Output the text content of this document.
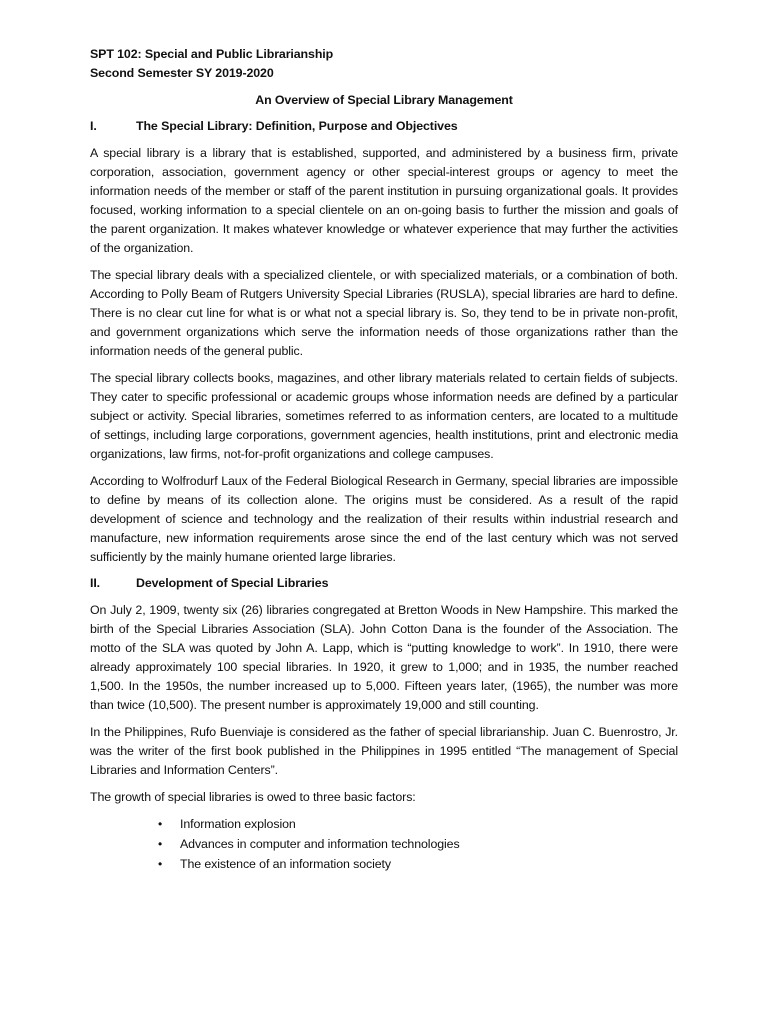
SPT 102: Special and Public Librarianship
Second Semester SY 2019-2020
An Overview of Special Library Management
I.	The Special Library: Definition, Purpose and Objectives

A special library is a library that is established, supported, and administered by a business firm, private corporation, association, government agency or other special-interest groups or agency to meet the information needs of the member or staff of the parent institution in pursuing organizational goals. It provides focused, working information to a special clientele on an on-going basis to further the mission and goals of the parent organization. It makes whatever knowledge or whatever experience that may further the activities of the organization.

The special library deals with a specialized clientele, or with specialized materials, or a combination of both. According to Polly Beam of Rutgers University Special Libraries (RUSLA), special libraries are hard to define. There is no clear cut line for what is or what not a special library is. So, they tend to be in private non-profit, and government organizations which serve the information needs of those organizations rather than the information needs of the general public.

The special library collects books, magazines, and other library materials related to certain fields of subjects. They cater to specific professional or academic groups whose information needs are defined by a particular subject or activity. Special libraries, sometimes referred to as information centers, are located to a multitude of settings, including large corporations, government agencies, health institutions, print and electronic media organizations, law firms, not-for-profit organizations and college campuses.

According to Wolfrodurf Laux of the Federal Biological Research in Germany, special libraries are impossible to define by means of its collection alone. The origins must be considered. As a result of the rapid development of science and technology and the realization of their results within industrial research and manufacture, new information requirements arose since the end of the last century which was not served sufficiently by the mainly humane oriented large libraries.

II.	Development of Special Libraries

On July 2, 1909, twenty six (26) libraries congregated at Bretton Woods in New Hampshire. This marked the birth of the Special Libraries Association (SLA). John Cotton Dana is the founder of the Association. The motto of the SLA was quoted by John A. Lapp, which is “putting knowledge to work”. In 1910, there were already approximately 100 special libraries. In 1920, it grew to 1,000; and in 1935, the number reached 1,500. In the 1950s, the number increased up to 5,000. Fifteen years later, (1965), the number was more than twice (10,500). The present number is approximately 19,000 and still counting.

In the Philippines, Rufo Buenviaje is considered as the father of special librarianship. Juan C. Buenrostro, Jr. was the writer of the first book published in the Philippines in 1995 entitled “The management of Special Libraries and Information Centers”.

The growth of special libraries is owed to three basic factors:

•	Information explosion
•	Advances in computer and information technologies
•	The existence of an information society
